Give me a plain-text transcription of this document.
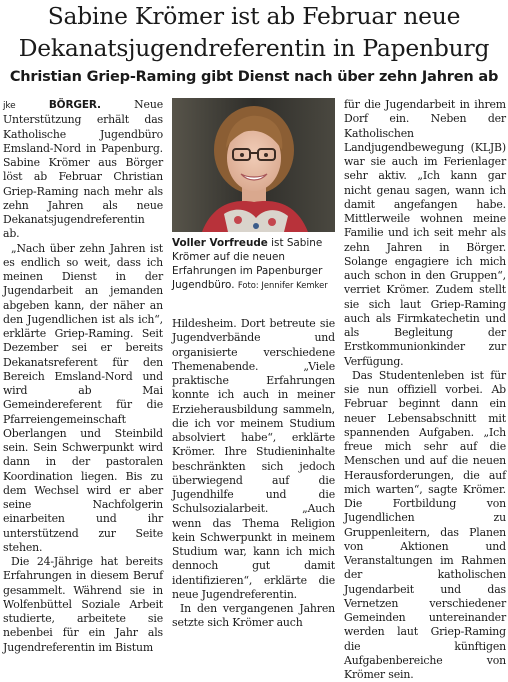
Sabine Krömer ist ab Februar neue
Dekanatsjugendreferentin in Papenburg
Christian Griep-Raming gibt Dienst nach über zehn Jahren ab

jke	BÖRGER.	Neue Unterstützung erhält das Katholische Jugendbüro Emsland-Nord in Papenburg. Sabine Krömer aus Börger löst ab Februar Christian Griep-Raming nach mehr als zehn Jahren als neue Dekanatsjugendreferentin ab.

„Nach über zehn Jahren ist es endlich so weit, dass ich meinen Dienst in der Jugendarbeit an jemanden abgeben kann, der näher an den Jugendlichen ist als ich“, erklärte Griep-Raming. Seit Dezember sei er bereits Dekanatsreferent für den Bereich Emsland-Nord und wird ab Mai Gemeindereferent für die Pfarreiengemeinschaft Oberlangen und Steinbild sein. Sein Schwerpunkt wird dann in der pastoralen Koordination liegen. Bis zu dem Wechsel wird er aber seine Nachfolgerin einarbeiten und ihr unterstützend zur Seite stehen.

Die 24-Jährige hat bereits Erfahrungen in diesem Beruf gesammelt. Während sie in Wolfenbüttel Soziale Arbeit studierte, arbeitete sie nebenbei für ein Jahr als Jugendreferentin im Bistum

Voller Vorfreude ist Sabine Krömer auf die neuen Erfahrungen im Papenburger Jugendbüro. Foto: Jennifer Kemker

Hildesheim. Dort betreute sie Jugendverbände und organisierte verschiedene Themenabende. „Viele praktische Erfahrungen konnte ich auch in meiner Erzieherausbildung sammeln, die ich vor meinem Studium absolviert habe“, erklärte Krömer. Ihre Studieninhalte beschränkten sich jedoch überwiegend auf die Jugendhilfe und die Schulsozialarbeit. „Auch wenn das Thema Religion kein Schwerpunkt in meinem Studium war, kann ich mich dennoch gut damit identifizieren“, erklärte die neue Jugendreferentin.

In den vergangenen Jahren setzte sich Krömer auch

für die Jugendarbeit in ihrem Dorf ein. Neben der Katholischen Landjugendbewegung (KLJB) war sie auch im Ferienlager sehr aktiv. „Ich kann gar nicht genau sagen, wann ich damit angefangen habe. Mittlerweile wohnen meine Familie und ich seit mehr als zehn Jahren in Börger. Solange engagiere ich mich auch schon in den Gruppen“, verriet Krömer. Zudem stellt sie sich laut Griep-Raming auch als Firmkatechetin und als Begleitung der Erstkommunionkinder zur Verfügung.

Das Studentenleben ist für sie nun offiziell vorbei. Ab Februar beginnt dann ein neuer Lebensabschnitt mit spannenden Aufgaben. „Ich freue mich sehr auf die Menschen und auf die neuen Herausforderungen, die auf mich warten“, sagte Krömer. Die Fortbildung von Jugendlichen zu Gruppenleitern, das Planen von Aktionen und Veranstaltungen im Rahmen der katholischen Jugendarbeit und das Vernetzen verschiedener Gemeinden untereinander werden laut Griep-Raming die künftigen Aufgabenbereiche von Krömer sein.
